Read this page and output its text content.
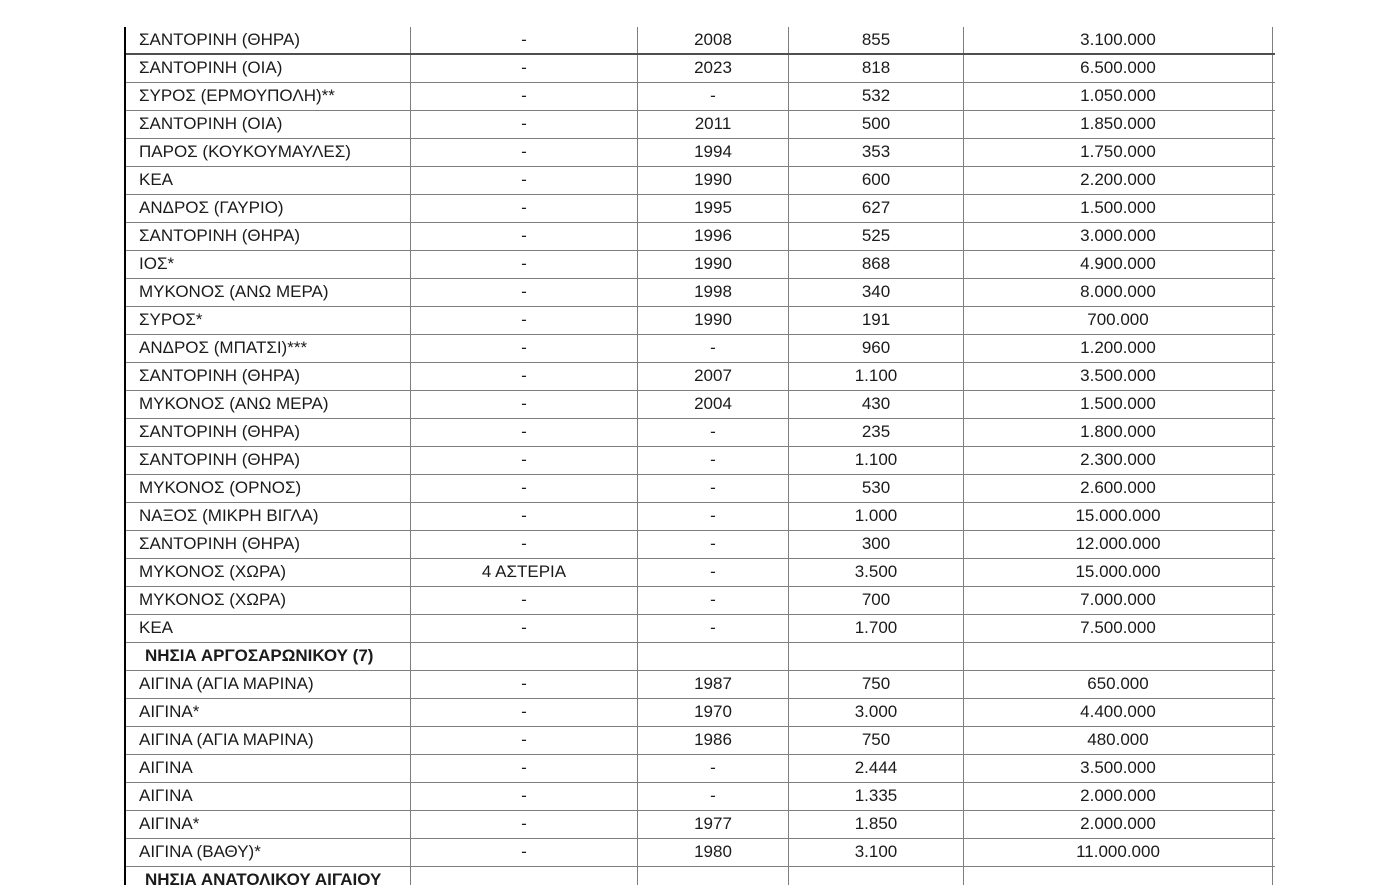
ΣΑΝΤΟΡΙΝΗ (ΘΗΡΑ)	-	2008	855	3.100.000
ΣΑΝΤΟΡΙΝΗ (ΟΙΑ)	-	2023	818	6.500.000
ΣΥΡΟΣ (ΕΡΜΟΥΠΟΛΗ)**	-	-	532	1.050.000
ΣΑΝΤΟΡΙΝΗ (ΟΙΑ)	-	2011	500	1.850.000
ΠΑΡΟΣ (ΚΟΥΚΟΥΜΑΥΛΕΣ)	-	1994	353	1.750.000
ΚΕΑ	-	1990	600	2.200.000
ΑΝΔΡΟΣ (ΓΑΥΡΙΟ)	-	1995	627	1.500.000
ΣΑΝΤΟΡΙΝΗ (ΘΗΡΑ)	-	1996	525	3.000.000
ΙΟΣ*	-	1990	868	4.900.000
ΜΥΚΟΝΟΣ (ΑΝΩ ΜΕΡΑ)	-	1998	340	8.000.000
ΣΥΡΟΣ*	-	1990	191	700.000
ΑΝΔΡΟΣ (ΜΠΑΤΣΙ)***	-	-	960	1.200.000
ΣΑΝΤΟΡΙΝΗ (ΘΗΡΑ)	-	2007	1.100	3.500.000
ΜΥΚΟΝΟΣ (ΑΝΩ ΜΕΡΑ)	-	2004	430	1.500.000
ΣΑΝΤΟΡΙΝΗ (ΘΗΡΑ)	-	-	235	1.800.000
ΣΑΝΤΟΡΙΝΗ (ΘΗΡΑ)	-	-	1.100	2.300.000
ΜΥΚΟΝΟΣ (ΟΡΝΟΣ)	-	-	530	2.600.000
ΝΑΞΟΣ (ΜΙΚΡΗ ΒΙΓΛΑ)	-	-	1.000	15.000.000
ΣΑΝΤΟΡΙΝΗ (ΘΗΡΑ)	-	-	300	12.000.000
ΜΥΚΟΝΟΣ (ΧΩΡΑ)	4 ΑΣΤΕΡΙΑ	-	3.500	15.000.000
ΜΥΚΟΝΟΣ (ΧΩΡΑ)	-	-	700	7.000.000
ΚΕΑ	-	-	1.700	7.500.000
ΝΗΣΙΑ ΑΡΓΟΣΑΡΩΝΙΚΟΥ (7)
ΑΙΓΙΝΑ (ΑΓΙΑ ΜΑΡΙΝΑ)	-	1987	750	650.000
ΑΙΓΙΝΑ*	-	1970	3.000	4.400.000
ΑΙΓΙΝΑ (ΑΓΙΑ ΜΑΡΙΝΑ)	-	1986	750	480.000
ΑΙΓΙΝΑ	-	-	2.444	3.500.000
ΑΙΓΙΝΑ	-	-	1.335	2.000.000
ΑΙΓΙΝΑ*	-	1977	1.850	2.000.000
ΑΙΓΙΝΑ (ΒΑΘΥ)*	-	1980	3.100	11.000.000
ΝΗΣΙΑ ΑΝΑΤΟΛΙΚΟΥ ΑΙΓΑΙΟΥ
